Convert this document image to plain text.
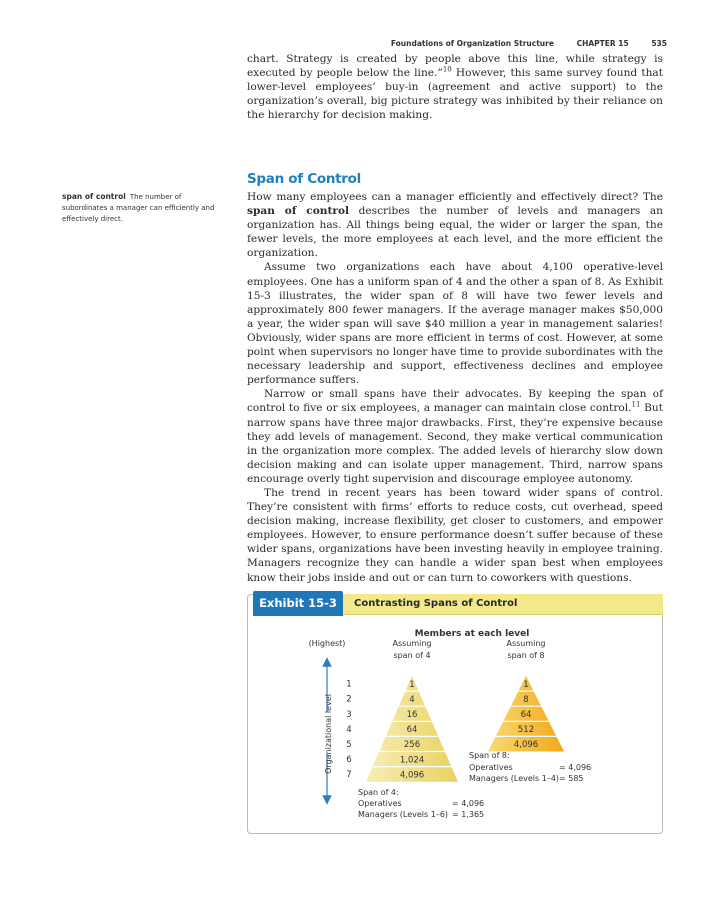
Foundations of Organization Structure	CHAPTER 15	535

chart. Strategy is created by people above this line, while strategy is executed by people below the line.”$^{10}$ However, this same survey found that lower-level employees’ buy-in (agreement and active support) to the organization’s overall, big picture strategy was inhibited by their reliance on the hierarchy for decision making.

Span of Control
span of control The number of subordinates a manager can efficiently and effectively direct.

How many employees can a manager efficiently and effectively direct? The span of control describes the number of levels and managers an organization has. All things being equal, the wider or larger the span, the fewer levels, the more employees at each level, and the more efficient the organization.

Assume two organizations each have about 4,100 operative-level employees. One has a uniform span of 4 and the other a span of 8. As Exhibit 15-3 illustrates, the wider span of 8 will have two fewer levels and approximately 800 fewer managers. If the average manager makes $50,000 a year, the wider span will save $40 million a year in management salaries! Obviously, wider spans are more efficient in terms of cost. However, at some point when supervisors no longer have time to provide subordinates with the necessary leadership and support, effectiveness declines and employee performance suffers.

Narrow or small spans have their advocates. By keeping the span of control to five or six employees, a manager can maintain close control.$^{11}$ But narrow spans have three major drawbacks. First, they’re expensive because they add levels of management. Second, they make vertical communication in the organization more complex. The added levels of hierarchy slow down decision making and can isolate upper management. Third, narrow spans encourage overly tight supervision and discourage employee autonomy.

The trend in recent years has been toward wider spans of control. They’re consistent with firms’ efforts to reduce costs, cut overhead, speed decision making, increase flexibility, get closer to customers, and empower employees. However, to ensure performance doesn’t suffer because of these wider spans, organizations have been investing heavily in employee training. Managers recognize they can handle a wider span best when employees know their jobs inside and out or can turn to coworkers with questions.

Exhibit 15-3	Contrasting Spans of Control
Members at each level
Assuming
span of 4
Assuming
span of 8
(Highest)
Organizational level
1
2
3
4
5
6
7
1
4
16
64
256
1,024
4,096
1
8
64
512
4,096
Span of 8:
Operatives	= 4,096
Managers (Levels 1–4) = 585
Span of 4:
Operatives	= 4,096
Managers (Levels 1–6) = 1,365
